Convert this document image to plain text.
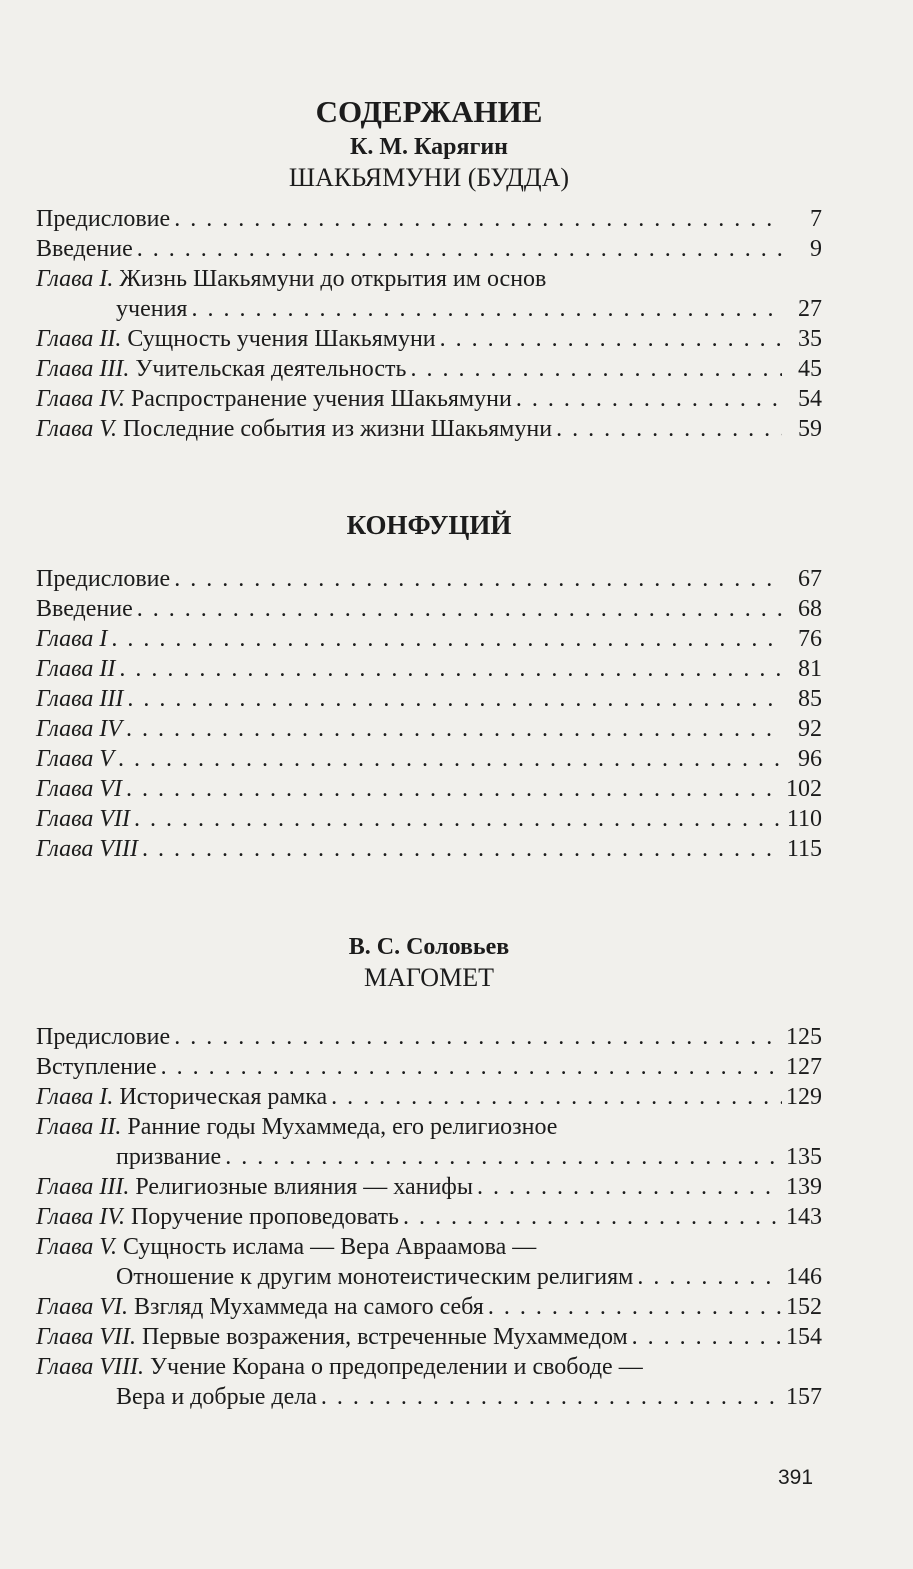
СОДЕРЖАНИЕ
К. М. Карягин
ШАКЬЯМУНИ (БУДДА)
Предисловие . . .	7
Введение . . .	9
Глава I. Жизнь Шакьямуни до открытия им основ
учения . . .	27
Глава II. Сущность учения Шакьямуни . . .	35
Глава III. Учительская деятельность . . .	45
Глава IV. Распространение учения Шакьямуни . . .	54
Глава V. Последние события из жизни Шакьямуни . . .	59
КОНФУЦИЙ
Предисловие . . .	67
Введение . . .	68
Глава I . . .	76
Глава II . . .	81
Глава III . . .	85
Глава IV . . .	92
Глава V . . .	96
Глава VI . . .	102
Глава VII . . .	110
Глава VIII . . .	115
В. С. Соловьев
МАГОМЕТ
Предисловие . . .	125
Вступление . . .	127
Глава I. Историческая рамка . . .	129
Глава II. Ранние годы Мухаммеда, его религиозное
призвание . . .	135
Глава III. Религиозные влияния — ханифы . . .	139
Глава IV. Поручение проповедовать . . .	143
Глава V. Сущность ислама — Вера Авраамова —
Отношение к другим монотеистическим религиям . . .	146
Глава VI. Взгляд Мухаммеда на самого себя . . .	152
Глава VII. Первые возражения, встреченные Мухаммедом . . .	154
Глава VIII. Учение Корана о предопределении и свободе —
Вера и добрые дела . . .	157
391
